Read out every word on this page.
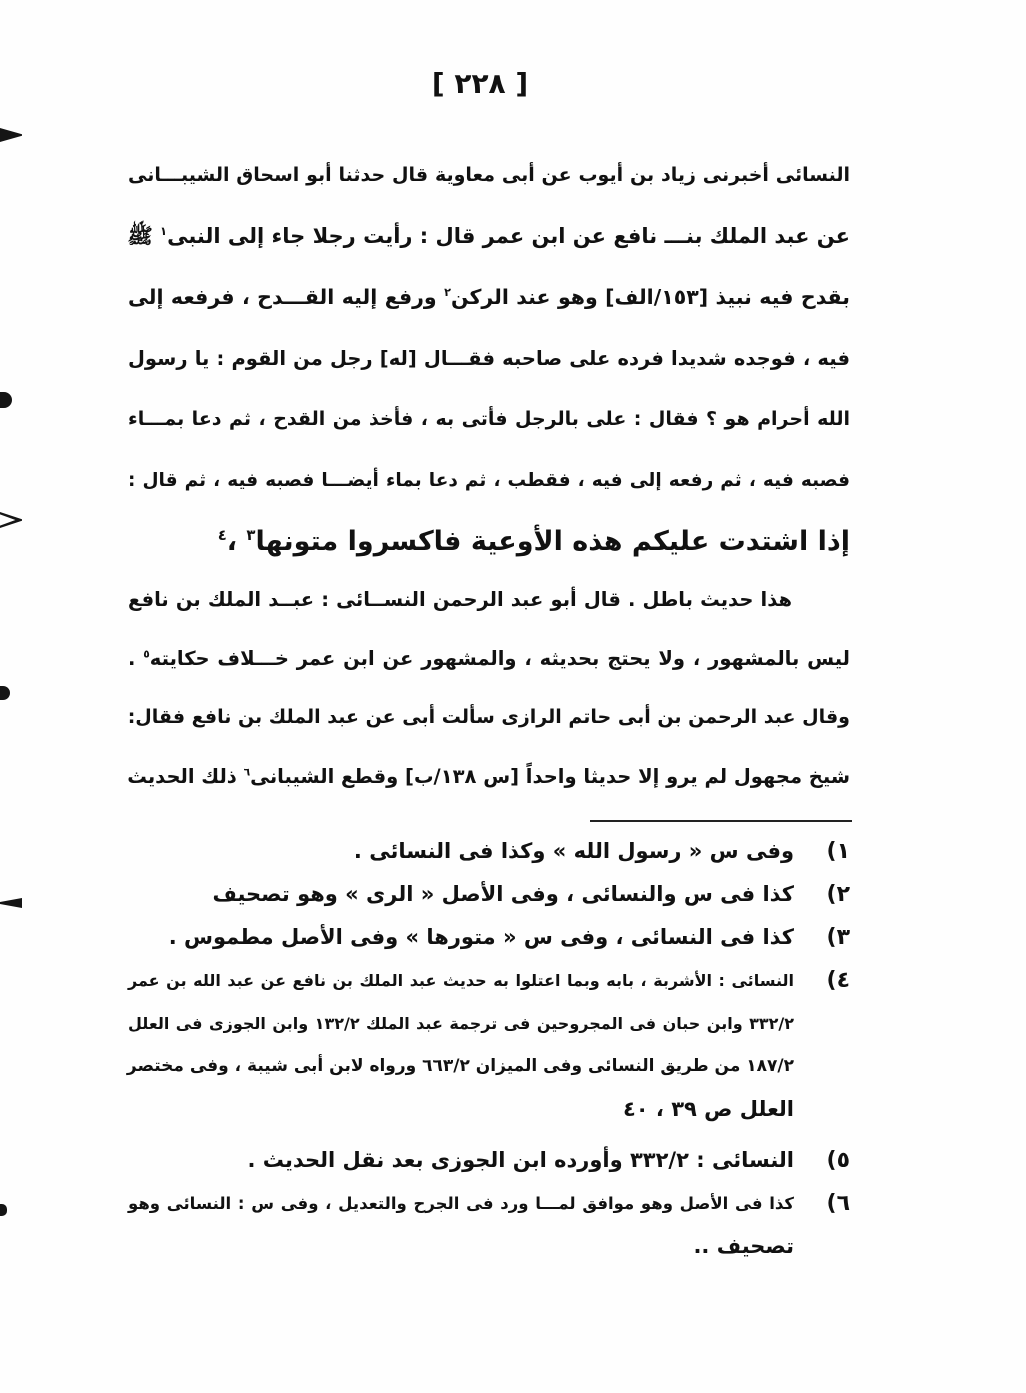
[ ٢٢٨ ]
النسائى أخبرنى زياد بن أيوب عن أبى معاوية قال حدثنا أبو اسحاق الشيبـــانى
عن عبد الملك بنـــ نافع عن ابن عمر قال : رأيت رجلا جاء إلى النبى$^١$ ﷺ
بقدح فيه نبيذ [١٥٣/الف] وهو عند الركن$^٢$ ورفع إليه القـــدح ، فرفعه إلى
فيه ، فوجده شديدا فرده على صاحبه فقـــال [له] رجل من القوم : يا رسول
الله أحرام هو ؟ فقال : على بالرجل فأتى به ، فأخذ من القدح ، ثم دعا بمـــاء
فصبه فيه ، ثم رفعه إلى فيه ، فقطب ، ثم دعا بماء أيضـــا فصبه فيه ، ثم قال :
إذا اشتدت عليكم هذه الأوعية فاكسروا متونها$^٣$ ،$^٤$
هذا حديث باطل . قال أبو عبد الرحمن النســائى : عبــد الملك بن نافع
ليس بالمشهور ، ولا يحتج بحديثه ، والمشهور عن ابن عمر خـــلاف حكايته$^٥$ .
وقال عبد الرحمن بن أبى حاتم الرازى سألت أبى عن عبد الملك بن نافع فقال:
شيخ مجهول لم يرو إلا حديثا واحداً [س ١٣٨/ب] وقطع الشيبانى$^٦$ ذلك الحديث
١)
وفى س « رسول الله » وكذا فى النسائى .
٢)
كذا فى س والنسائى ، وفى الأصل « الرى » وهو تصحيف
٣)
كذا فى النسائى ، وفى س « متورها » وفى الأصل مطموس .
٤)
النسائى : الأشربة ، بابه وبما اعتلوا به حديث عبد الملك بن نافع عن عبد الله بن عمر
٣٣٢/٢ وابن حبان فى المجروحين فى ترجمة عبد الملك ١٣٢/٢ وابن الجوزى فى العلل
١٨٧/٢ من طريق النسائى وفى الميزان ٦٦٣/٢ ورواه لابن أبى شيبة ، وفى مختصر
العلل ص ٣٩ ، ٤٠
٥)
النسائى : ٣٣٢/٢ وأورده ابن الجوزى بعد نقل الحديث .
٦)
كذا فى الأصل وهو موافق لمـــا ورد فى الجرح والتعديل ، وفى س : النسائى وهو
تصحيف ..
